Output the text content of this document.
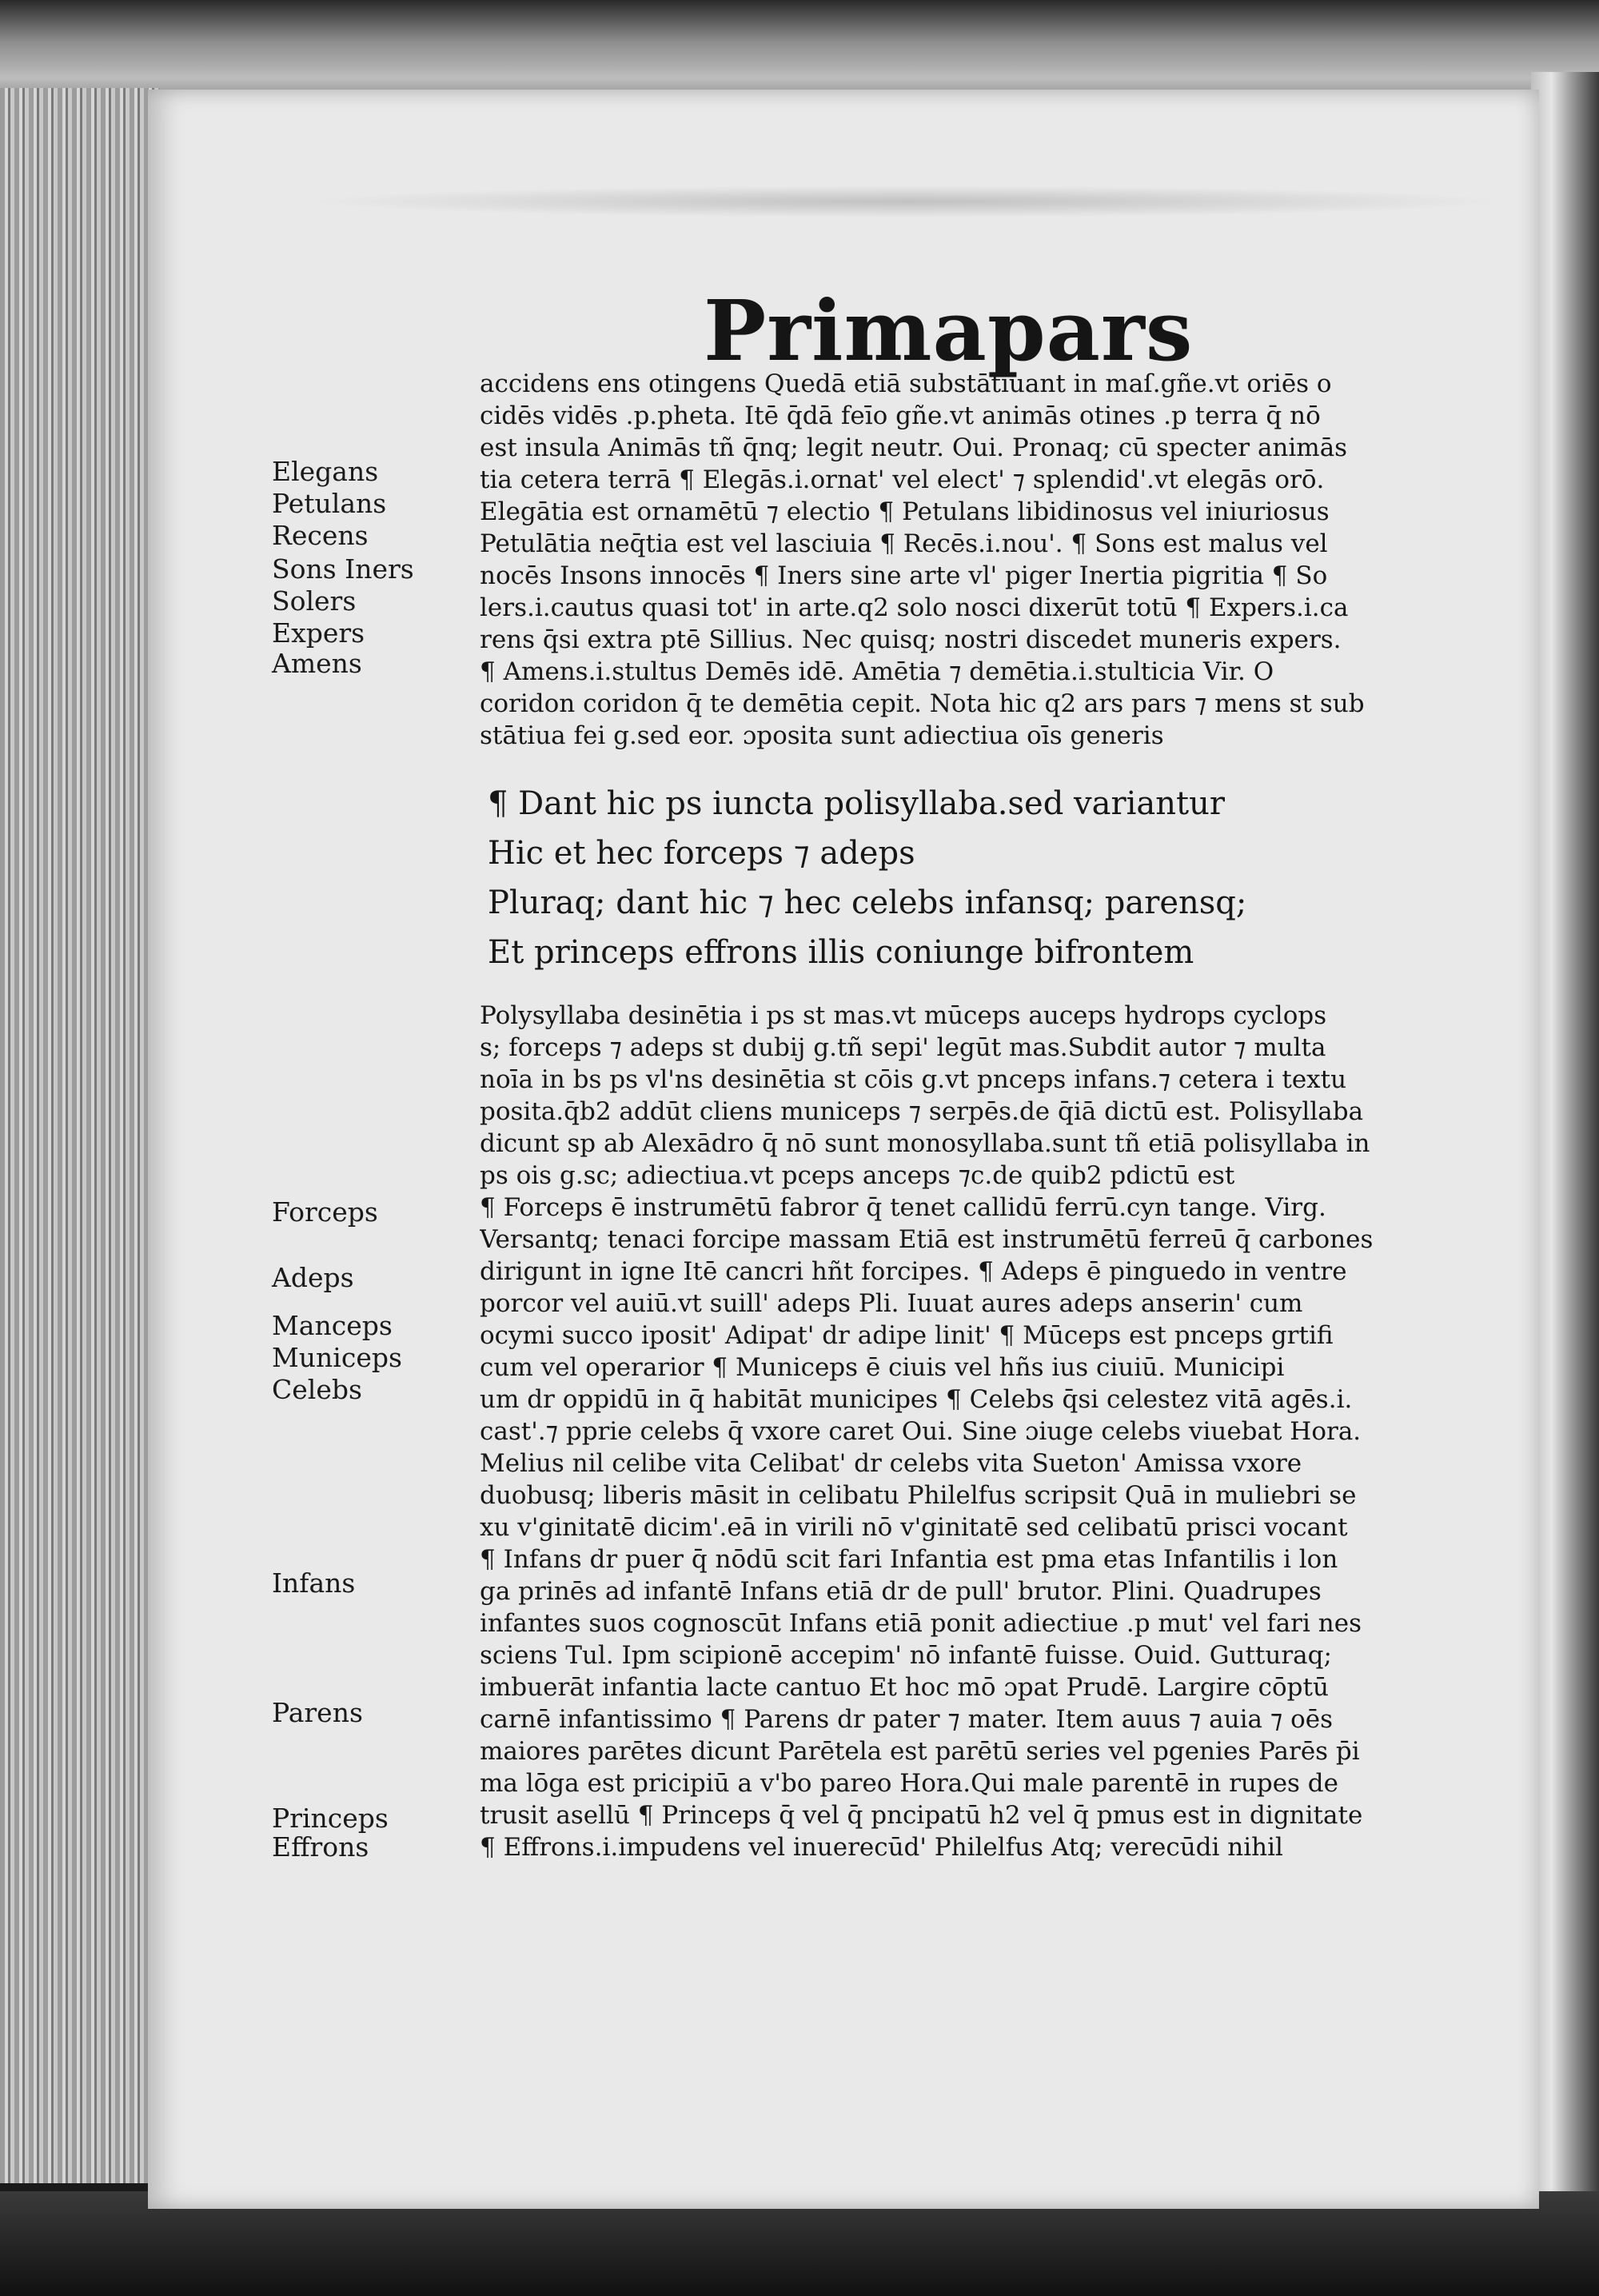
Prima pars
Elegans
Petulans
Recens
Sons Iners
Solers
Expers
Amens
Forceps
Adeps
Manceps
Municeps
Celebs
Infans
Parens
Princeps
Effrons

accidens ens otingens Quedā etiā substātiuant in maſ.gñe.vt oriēs o
cidēs vidēs .p.pheta. Itē q̄dā feīo gñe.vt animās otines .p terra q̄ nō
est insula Animās tñ q̄nq; legit neutr. Oui. Pronaq; cū specter animās
tia cetera terrā ¶ Elegās.i.ornat' vel elect' ⁊ splendid'.vt elegās orō.
Elegātia est ornamētū ⁊ electio ¶ Petulans libidinosus vel iniuriosus
Petulātia neq̄tia est vel lasciuia ¶ Recēs.i.nou'. ¶ Sons est malus vel
nocēs Insons innocēs ¶ Iners sine arte vl' piger Inertia pigritia ¶ So
lers.i.cautus quasi tot' in arte.q2 solo nosci dixerūt totū ¶ Expers.i.ca
rens q̄si extra ptē Sillius. Nec quisq; nostri discedet muneris expers.
¶ Amens.i.stultus Demēs idē. Amētia ⁊ demētia.i.stulticia Vir. O
coridon coridon q̄ te demētia cepit. Nota hic q2 ars pars ⁊ mens st sub
stātiua fei g.sed eor. ɔposita sunt adiectiua oīs generis

¶ Dant hic ps iuncta polisyllaba.sed variantur
Hic et hec forceps ⁊ adeps
Pluraq; dant hic ⁊ hec celebs infansq; parensq;
Et princeps effrons illis coniunge bifrontem

Polysyllaba desinētia i ps st mas.vt mūceps auceps hydrops cyclops
s; forceps ⁊ adeps st dubij g.tñ sepi' legūt mas.Subdit autor ⁊ multa
noīa in bs ps vl'ns desinētia st cōis g.vt pnceps infans.⁊ cetera i textu
posita.q̄b2 addūt cliens municeps ⁊ serpēs.de q̄iā dictū est. Polisyllaba
dicunt sp ab Alexādro q̄ nō sunt monosyllaba.sunt tñ etiā polisyllaba in
ps ois g.sc; adiectiua.vt pceps anceps ⁊c.de quib2 pdictū est
¶ Forceps ē instrumētū fabror q̄ tenet callidū ferrū.cyn tange. Virg.
Versantq; tenaci forcipe massam Etiā est instrumētū ferreū q̄ carbones
dirigunt in igne Itē cancri hñt forcipes. ¶ Adeps ē pinguedo in ventre
porcor vel auiū.vt suill' adeps Pli. Iuuat aures adeps anserin' cum
ocymi succo iposit' Adipat' dr adipe linit' ¶ Mūceps est pnceps grtifi
cum vel operarior ¶ Municeps ē ciuis vel hñs ius ciuiū. Municipi
um dr oppidū in q̄ habitāt municipes ¶ Celebs q̄si celestez vitā agēs.i.
cast'.⁊ pprie celebs q̄ vxore caret Oui. Sine ɔiuge celebs viuebat Hora.
Melius nil celibe vita Celibat' dr celebs vita Sueton' Amissa vxore
duobusq; liberis māsit in celibatu Philelfus scripsit Quā in muliebri se
xu v'ginitatē dicim'.eā in virili nō v'ginitatē sed celibatū prisci vocant
¶ Infans dr puer q̄ nōdū scit fari Infantia est pma etas Infantilis i lon
ga prinēs ad infantē Infans etiā dr de pull' brutor. Plini. Quadrupes
infantes suos cognoscūt Infans etiā ponit adiectiue .p mut' vel fari nes
sciens Tul. Ipm scipionē accepim' nō infantē fuisse. Ouid. Gutturaq;
imbuerāt infantia lacte cantuo Et hoc mō ɔpat Prudē. Largire cōptū
carnē infantissimo ¶ Parens dr pater ⁊ mater. Item auus ⁊ auia ⁊ oēs
maiores parētes dicunt Parētela est parētū series vel pgenies Parēs p̄i
ma lōga est pricipiū a v'bo pareo Hora.Qui male parentē in rupes de
trusit asellū ¶ Princeps q̄ vel q̄ pncipatū h2 vel q̄ pmus est in dignitate
¶ Effrons.i.impudens vel inuerecūd' Philelfus Atq; verecūdi nihil
